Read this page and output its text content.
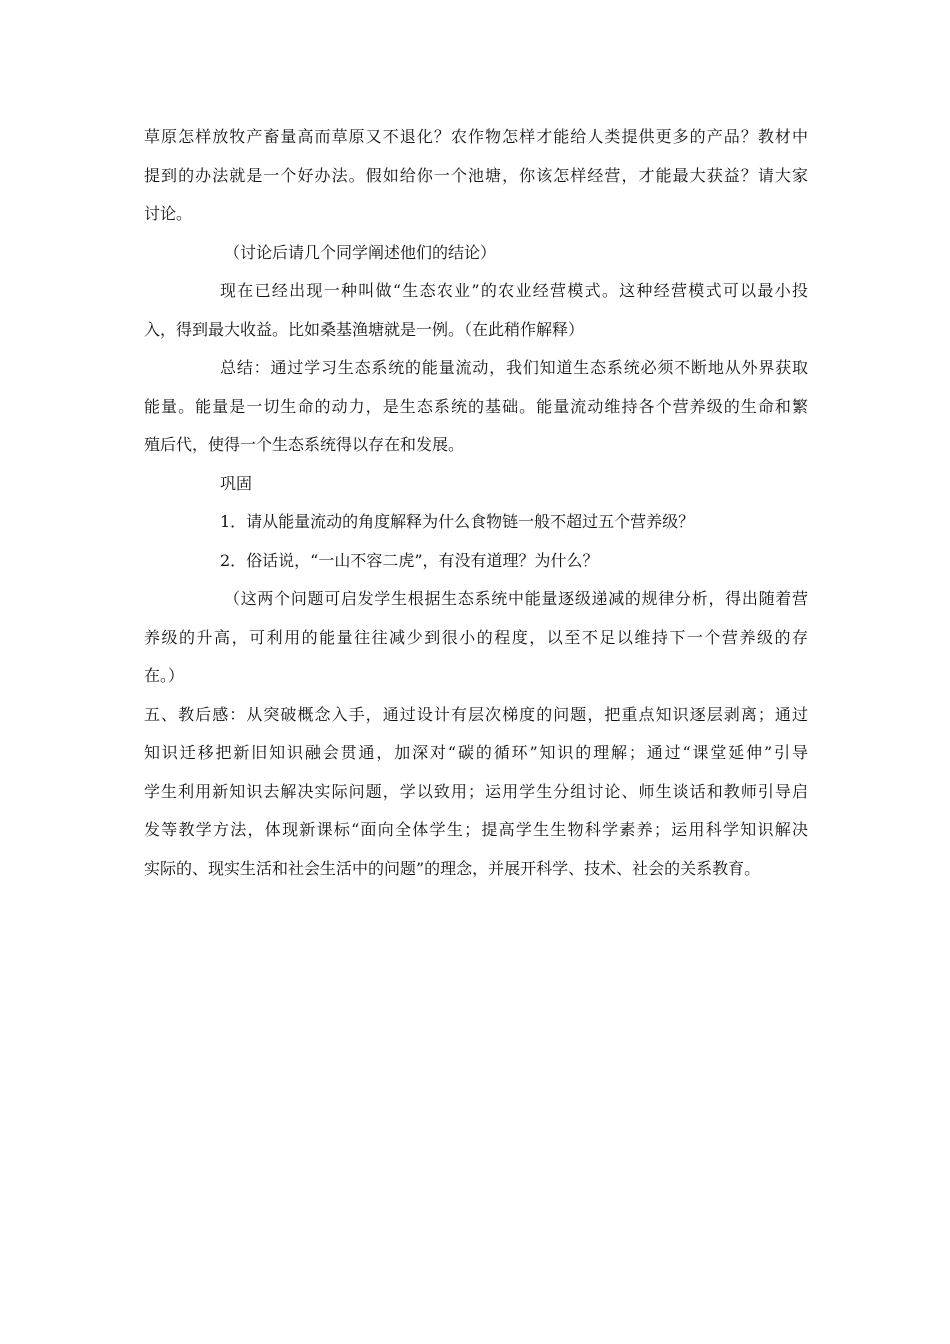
草原怎样放牧产畜量高而草原又不退化？农作物怎样才能给人类提供更多的产品？教材中
提到的办法就是一个好办法。假如给你一个池塘，你该怎样经营，才能最大获益？请大家
讨论。
（讨论后请几个同学阐述他们的结论）
现在已经出现一种叫做“生态农业”的农业经营模式。这种经营模式可以最小投
入，得到最大收益。比如桑基渔塘就是一例。（在此稍作解释）
总结：通过学习生态系统的能量流动，我们知道生态系统必须不断地从外界获取
能量。能量是一切生命的动力，是生态系统的基础。能量流动维持各个营养级的生命和繁
殖后代，使得一个生态系统得以存在和发展。
巩固
1．请从能量流动的角度解释为什么食物链一般不超过五个营养级？
2．俗话说，“一山不容二虎”，有没有道理？为什么？
（这两个问题可启发学生根据生态系统中能量逐级递减的规律分析，得出随着营
养级的升高，可利用的能量往往减少到很小的程度，以至不足以维持下一个营养级的存
在。）
五、教后感：从突破概念入手，通过设计有层次梯度的问题，把重点知识逐层剥离；通过
知识迁移把新旧知识融会贯通，加深对“碳的循环”知识的理解；通过“课堂延伸”引导
学生利用新知识去解决实际问题，学以致用；运用学生分组讨论、师生谈话和教师引导启
发等教学方法，体现新课标“面向全体学生；提高学生生物科学素养；运用科学知识解决
实际的、现实生活和社会生活中的问题”的理念，并展开科学、技术、社会的关系教育。
